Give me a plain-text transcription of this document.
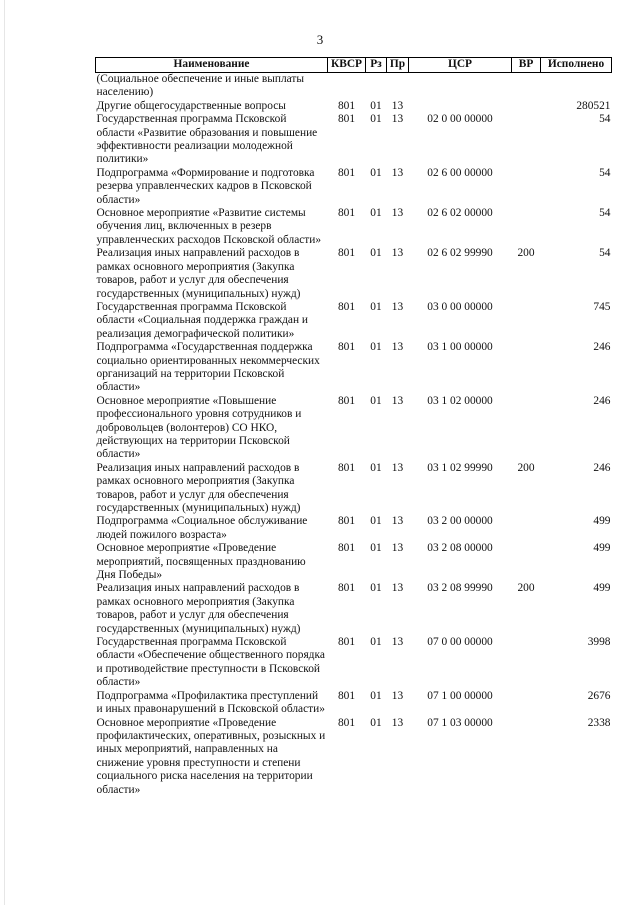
3
Наименование	КВСР	Рз	Пр	ЦСР	ВР	Исполнено
(Социальное обеспечение и иные выплаты населению)						
Другие общегосударственные вопросы	801	01	13			280521
Государственная программа Псковской области «Развитие образования и повышение эффективности реализации молодежной политики»	801	01	13	02 0 00 00000		54
Подпрограмма «Формирование и подготовка резерва управленческих кадров в Псковской области»	801	01	13	02 6 00 00000		54
Основное мероприятие «Развитие системы обучения лиц, включенных в резерв управленческих расходов Псковской области»	801	01	13	02 6 02 00000		54
Реализация иных направлений расходов в рамках основного мероприятия (Закупка товаров, работ и услуг для обеспечения государственных (муниципальных) нужд)	801	01	13	02 6 02 99990	200	54
Государственная программа Псковской области «Социальная поддержка граждан и реализация демографической политики»	801	01	13	03 0 00 00000		745
Подпрограмма «Государственная поддержка социально ориентированных некоммерческих организаций на территории Псковской области»	801	01	13	03 1 00 00000		246
Основное мероприятие «Повышение профессионального уровня сотрудников и добровольцев (волонтеров) СО НКО, действующих на территории Псковской области»	801	01	13	03 1 02 00000		246
Реализация иных направлений расходов в рамках основного мероприятия (Закупка товаров, работ и услуг для обеспечения государственных (муниципальных) нужд)	801	01	13	03 1 02 99990	200	246
Подпрограмма «Социальное обслуживание людей пожилого возраста»	801	01	13	03 2 00 00000		499
Основное мероприятие «Проведение мероприятий, посвященных празднованию Дня Победы»	801	01	13	03 2 08 00000		499
Реализация иных направлений расходов в рамках основного мероприятия (Закупка товаров, работ и услуг для обеспечения государственных (муниципальных) нужд)	801	01	13	03 2 08 99990	200	499
Государственная программа Псковской области «Обеспечение общественного порядка и противодействие преступности в Псковской области»	801	01	13	07 0 00 00000		3998
Подпрограмма «Профилактика преступлений и иных правонарушений в Псковской области»	801	01	13	07 1 00 00000		2676
Основное мероприятие «Проведение профилактических, оперативных, розыскных и иных мероприятий, направленных на снижение уровня преступности и степени социального риска населения на территории области»	801	01	13	07 1 03 00000		2338
